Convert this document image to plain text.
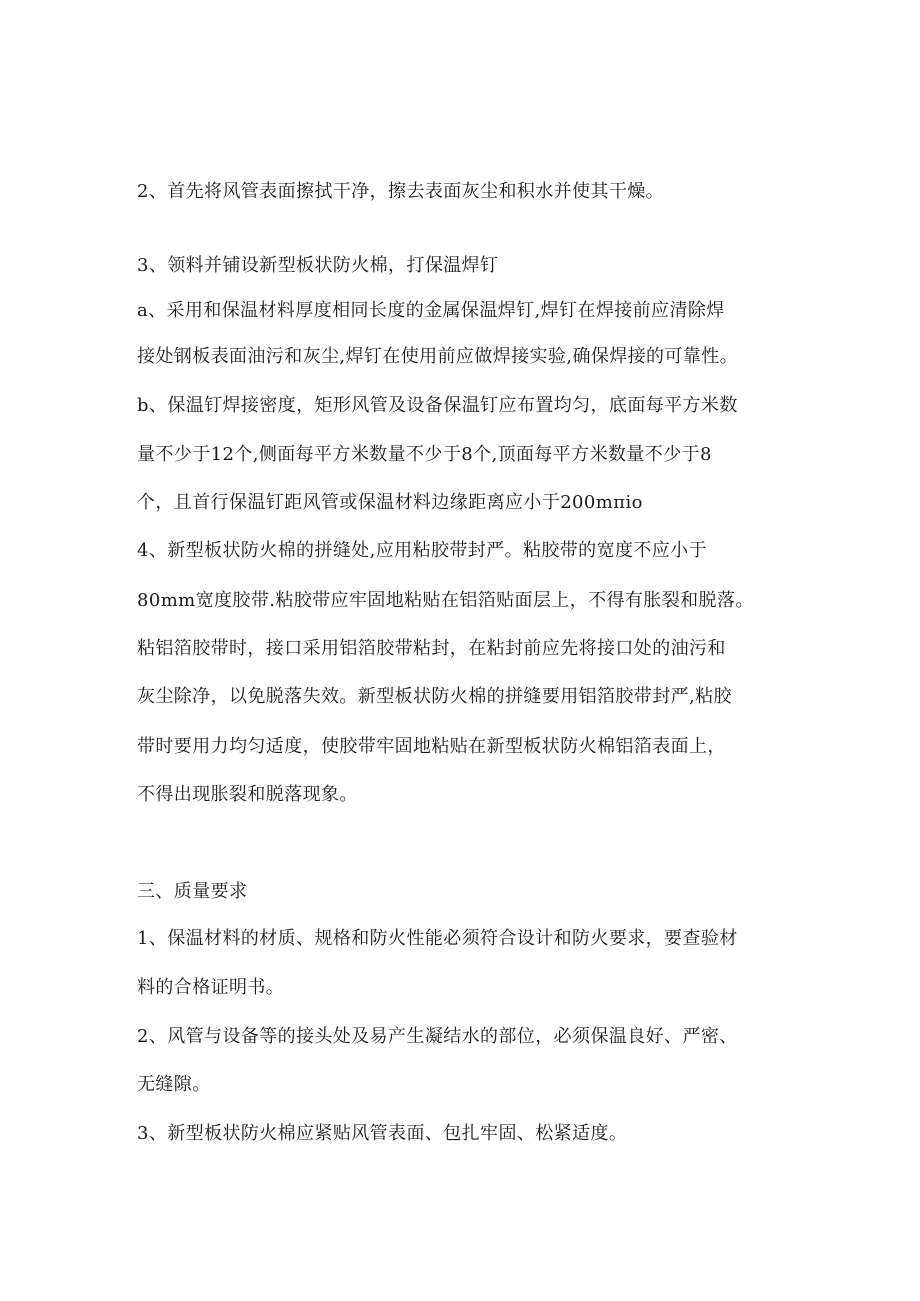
2、首先将风管表面擦拭干净，擦去表面灰尘和积水并使其干燥。
3、领料并铺设新型板状防火棉，打保温焊钉
a、采用和保温材料厚度相同长度的金属保温焊钉,焊钉在焊接前应清除焊
接处钢板表面油污和灰尘,焊钉在使用前应做焊接实验,确保焊接的可靠性。
b、保温钉焊接密度，矩形风管及设备保温钉应布置均匀，底面每平方米数
量不少于12个,侧面每平方米数量不少于8个,顶面每平方米数量不少于8
个，且首行保温钉距风管或保温材料边缘距离应小于200mπio
4、新型板状防火棉的拼缝处,应用粘胶带封严。粘胶带的宽度不应小于
80mm宽度胶带.粘胶带应牢固地粘贴在铝箔贴面层上，不得有胀裂和脱落。
粘铝箔胶带时，接口采用铝箔胶带粘封，在粘封前应先将接口处的油污和
灰尘除净，以免脱落失效。新型板状防火棉的拼缝要用铝箔胶带封严,粘胶
带时要用力均匀适度，使胶带牢固地粘贴在新型板状防火棉铝箔表面上，
不得出现胀裂和脱落现象。
三、质量要求
1、保温材料的材质、规格和防火性能必须符合设计和防火要求，要查验材
料的合格证明书。
2、风管与设备等的接头处及易产生凝结水的部位，必须保温良好、严密、
无缝隙。
3、新型板状防火棉应紧贴风管表面、包扎牢固、松紧适度。
